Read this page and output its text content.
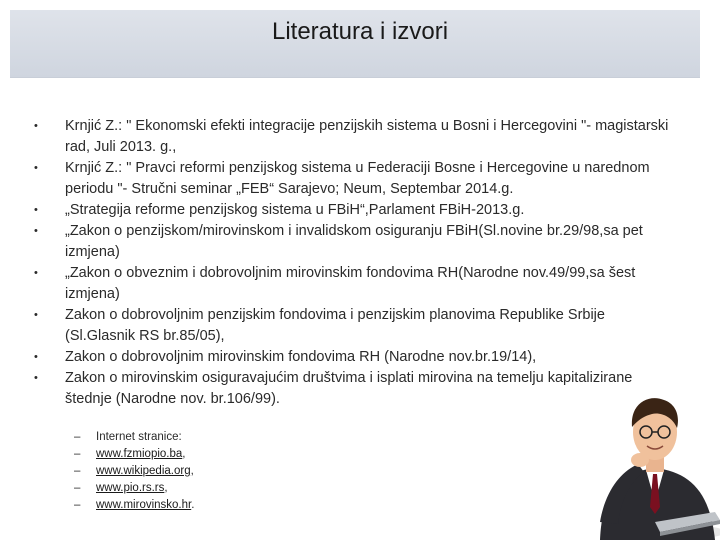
Literatura i izvori
• Krnjić Z.: " Ekonomski efekti integracije penzijskih sistema u Bosni i Hercegovini "- magistarski rad, Juli 2013. g.,
• Krnjić Z.: " Pravci reformi penzijskog sistema u Federaciji Bosne i Hercegovine u narednom periodu "- Stručni seminar „FEB“ Sarajevo; Neum, Septembar 2014.g.
• „Strategija reforme penzijskog sistema u FBiH“,Parlament FBiH-2013.g.
• „Zakon o penzijskom/mirovinskom i invalidskom osiguranju FBiH(Sl.novine br.29/98,sa pet izmjena)
• „Zakon o obveznim i dobrovoljnim mirovinskim fondovima RH(Narodne nov.49/99,sa šest izmjena)
• Zakon o dobrovoljnim penzijskim fondovima i penzijskim planovima Republike Srbije (Sl.Glasnik RS br.85/05),
• Zakon o dobrovoljnim mirovinskim fondovima RH (Narodne nov.br.19/14),
• Zakon o mirovinskim osiguravajućim društvima i isplati mirovina na temelju kapitalizirane štednje (Narodne nov. br.106/99).
– Internet stranice:
– www.fzmiopio.ba,
– www.wikipedia.org,
– www.pio.rs.rs,
– www.mirovinsko.hr.
